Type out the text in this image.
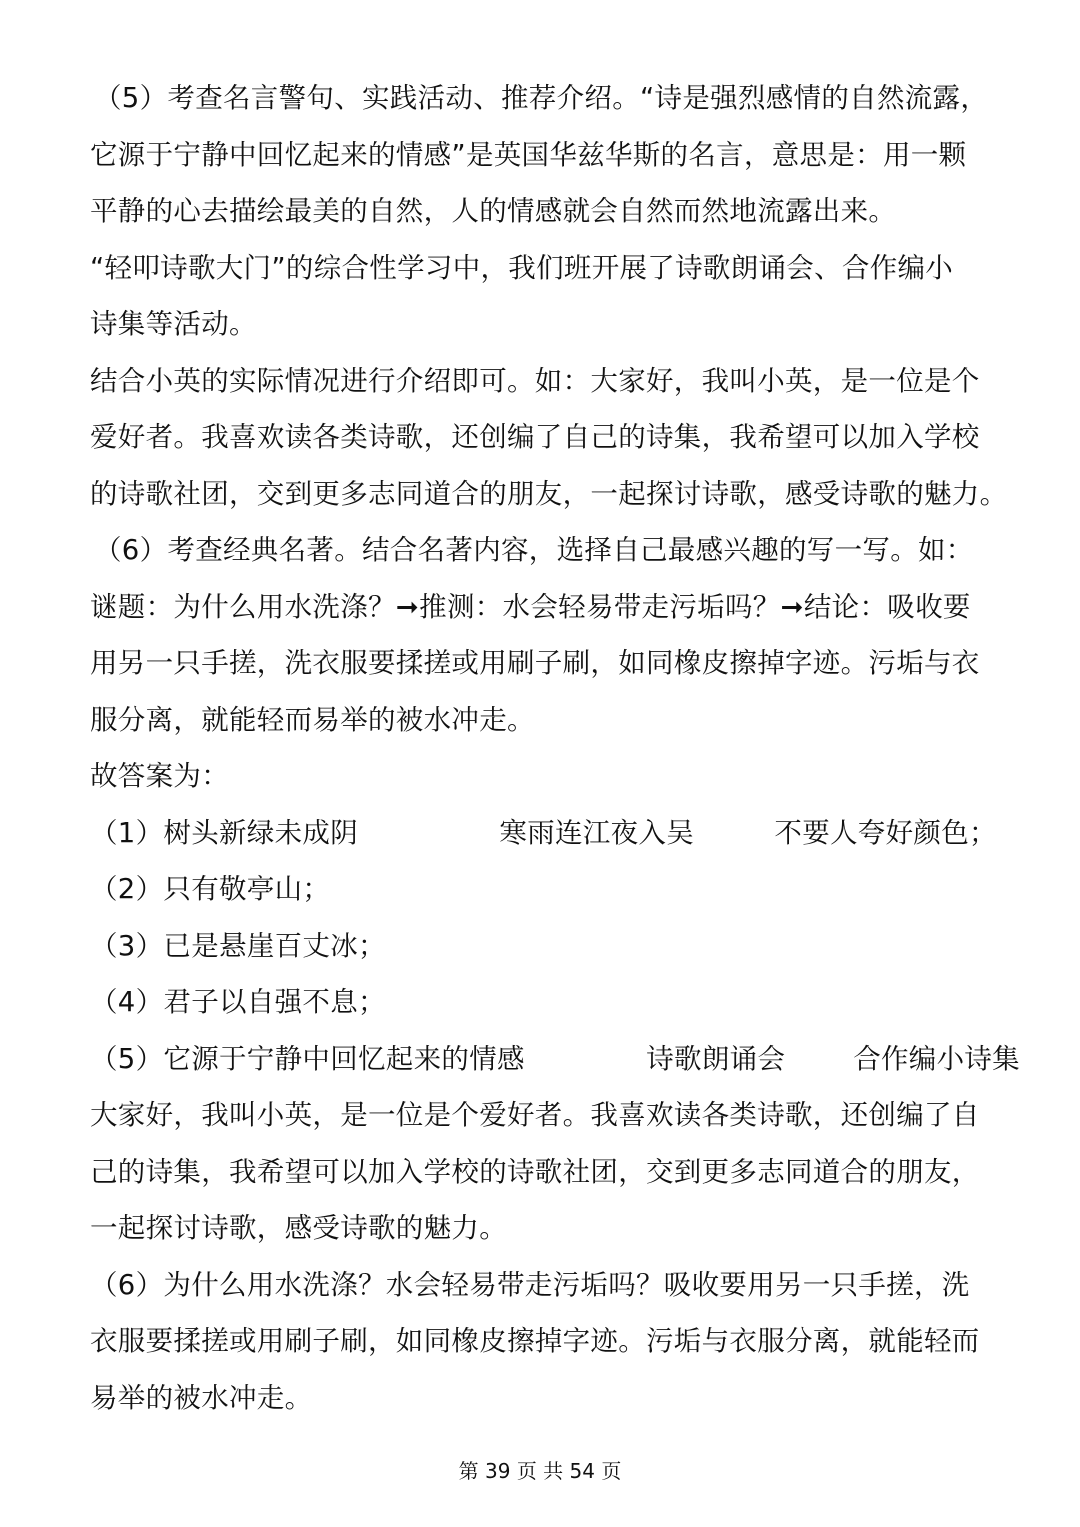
（5）考查名言警句、实践活动、推荐介绍。“诗是强烈感情的自然流露，
它源于宁静中回忆起来的情感”是英国华兹华斯的名言，意思是：用一颗
平静的心去描绘最美的自然，人的情感就会自然而然地流露出来。
“轻叩诗歌大门”的综合性学习中，我们班开展了诗歌朗诵会、合作编小
诗集等活动。
结合小英的实际情况进行介绍即可。如：大家好，我叫小英，是一位是个
爱好者。我喜欢读各类诗歌，还创编了自己的诗集，我希望可以加入学校
的诗歌社团，交到更多志同道合的朋友，一起探讨诗歌，感受诗歌的魅力。
（6）考查经典名著。结合名著内容，选择自己最感兴趣的写一写。如：
谜题：为什么用水洗涤？➞推测：水会轻易带走污垢吗？➞结论：吸收要
用另一只手搓，洗衣服要揉搓或用刷子刷，如同橡皮擦掉字迹。污垢与衣
服分离，就能轻而易举的被水冲走。
故答案为：
（1） 树头新绿未成阴	寒雨连江夜入吴	不要人夸好颜色；
（2）只有敬亭山；
（3）已是悬崖百丈冰；
（4）君子以自强不息；
（5） 它源于宁静中回忆起来的情感	诗歌朗诵会	合作编小诗集
大家好，我叫小英，是一位是个爱好者。我喜欢读各类诗歌，还创编了自
己的诗集，我希望可以加入学校的诗歌社团，交到更多志同道合的朋友，
一起探讨诗歌，感受诗歌的魅力。
（6）为什么用水洗涤？水会轻易带走污垢吗？吸收要用另一只手搓，洗
衣服要揉搓或用刷子刷，如同橡皮擦掉字迹。污垢与衣服分离，就能轻而
易举的被水冲走。
第 39 页 共 54 页
